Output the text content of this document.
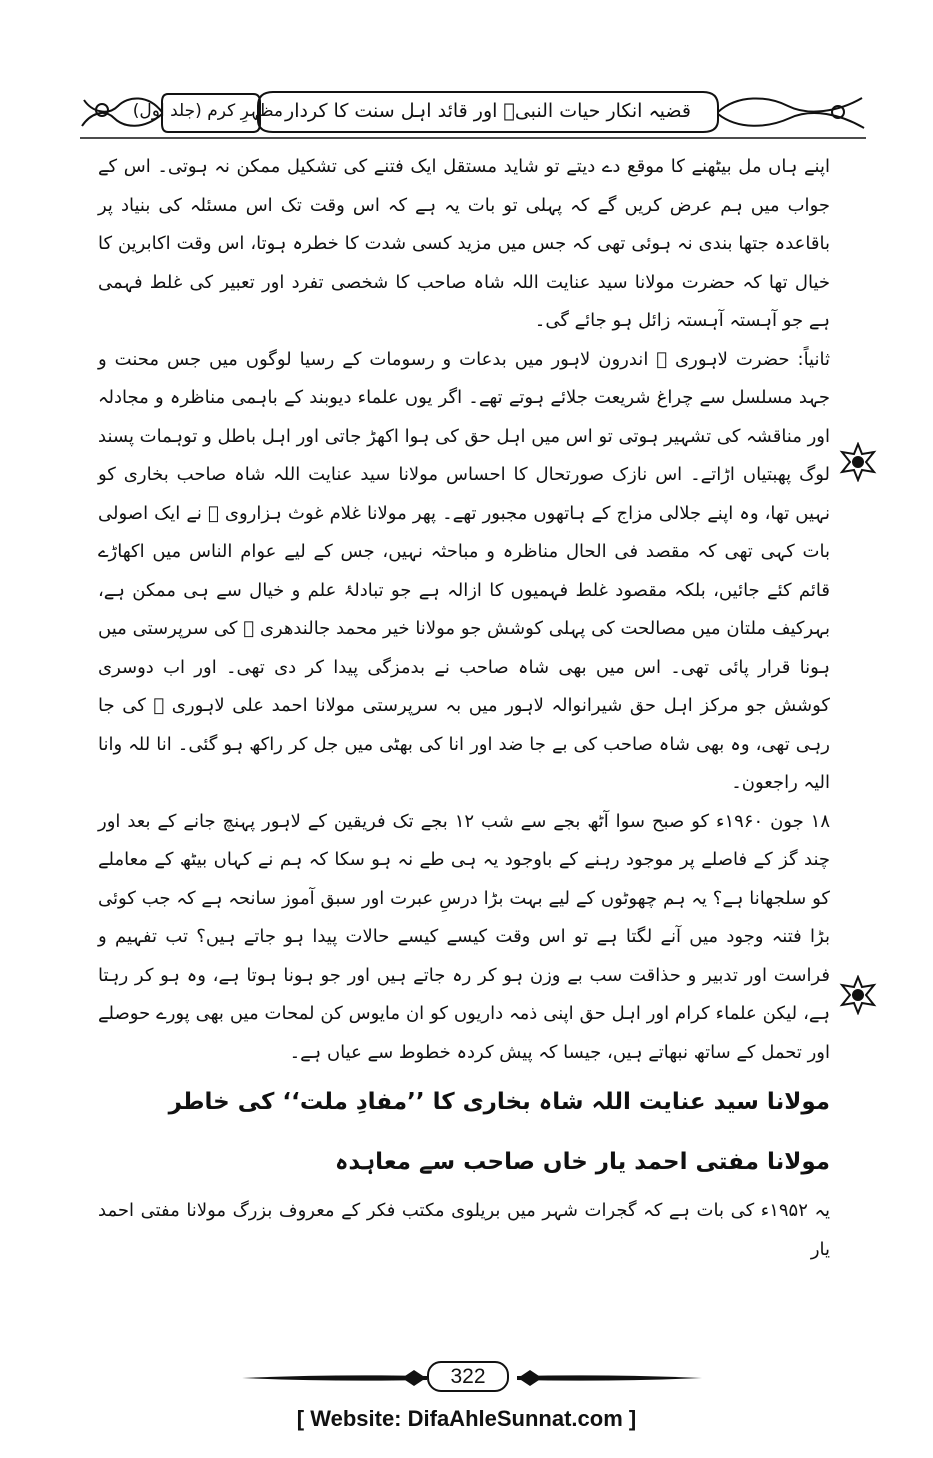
قضیہ انکار حیات النبیؐ اور قائد اہل سنت کا کردار
مظہرِ کرم (جلد اول)

اپنے ہاں مل بیٹھنے کا موقع دے دیتے تو شاید مستقل ایک فتنے کی تشکیل ممکن نہ ہوتی۔ اس کے جواب میں ہم عرض کریں گے کہ پہلی تو بات یہ ہے کہ اس وقت تک اس مسئلہ کی بنیاد پر باقاعدہ جتھا بندی نہ ہوئی تھی کہ جس میں مزید کسی شدت کا خطرہ ہوتا، اس وقت اکابرین کا خیال تھا کہ حضرت مولانا سید عنایت اللہ شاہ صاحب کا شخصی تفرد اور تعبیر کی غلط فہمی ہے جو آہستہ آہستہ زائل ہو جائے گی۔

ثانیاً: حضرت لاہوری ﷫ اندرون لاہور میں بدعات و رسومات کے رسیا لوگوں میں جس محنت و جہد مسلسل سے چراغ شریعت جلائے ہوتے تھے۔ اگر یوں علماء دیوبند کے باہمی مناظرہ و مجادلہ اور مناقشہ کی تشہیر ہوتی تو اس میں اہل حق کی ہوا اکھڑ جاتی اور اہل باطل و توہمات پسند لوگ پھبتیاں اڑاتے۔ اس نازک صورتحال کا احساس مولانا سید عنایت اللہ شاہ صاحب بخاری کو نہیں تھا، وہ اپنے جلالی مزاج کے ہاتھوں مجبور تھے۔ پھر مولانا غلام غوث ہزاروی ﷫ نے ایک اصولی بات کہی تھی کہ مقصد فی الحال مناظرہ و مباحثہ نہیں، جس کے لیے عوام الناس میں اکھاڑے قائم کئے جائیں، بلکہ مقصود غلط فہمیوں کا ازالہ ہے جو تبادلۂ علم و خیال سے ہی ممکن ہے، بہرکیف ملتان میں مصالحت کی پہلی کوشش جو مولانا خیر محمد جالندھری ﷫ کی سرپرستی میں ہونا قرار پائی تھی۔ اس میں بھی شاہ صاحب نے بدمزگی پیدا کر دی تھی۔ اور اب دوسری کوشش جو مرکز اہل حق شیرانوالہ لاہور میں بہ سرپرستی مولانا احمد علی لاہوری ﷫ کی جا رہی تھی، وہ بھی شاہ صاحب کی بے جا ضد اور انا کی بھٹی میں جل کر راکھ ہو گئی۔ انا للہ وانا الیہ راجعون۔

۱۸ جون ۱۹۶۰ء کو صبح سوا آٹھ بجے سے شب ۱۲ بجے تک فریقین کے لاہور پہنچ جانے کے بعد اور چند گز کے فاصلے پر موجود رہنے کے باوجود یہ ہی طے نہ ہو سکا کہ ہم نے کہاں بیٹھ کے معاملے کو سلجھانا ہے؟ یہ ہم چھوٹوں کے لیے بہت بڑا درسِ عبرت اور سبق آموز سانحہ ہے کہ جب کوئی بڑا فتنہ وجود میں آنے لگتا ہے تو اس وقت کیسے کیسے حالات پیدا ہو جاتے ہیں؟ تب تفہیم و فراست اور تدبیر و حذاقت سب بے وزن ہو کر رہ جاتے ہیں اور جو ہونا ہوتا ہے، وہ ہو کر رہتا ہے، لیکن علماء کرام اور اہل حق اپنی ذمہ داریوں کو ان مایوس کن لمحات میں بھی پورے حوصلے اور تحمل کے ساتھ نبھاتے ہیں، جیسا کہ پیش کردہ خطوط سے عیاں ہے۔

مولانا سید عنایت اللہ شاہ بخاری کا ’’مفادِ ملت‘‘ کی خاطر

مولانا مفتی احمد یار خاں صاحب سے معاہدہ

یہ ۱۹۵۲ء کی بات ہے کہ گجرات شہر میں بریلوی مکتب فکر کے معروف بزرگ مولانا مفتی احمد یار

322
[ Website: DifaAhleSunnat.com ]
